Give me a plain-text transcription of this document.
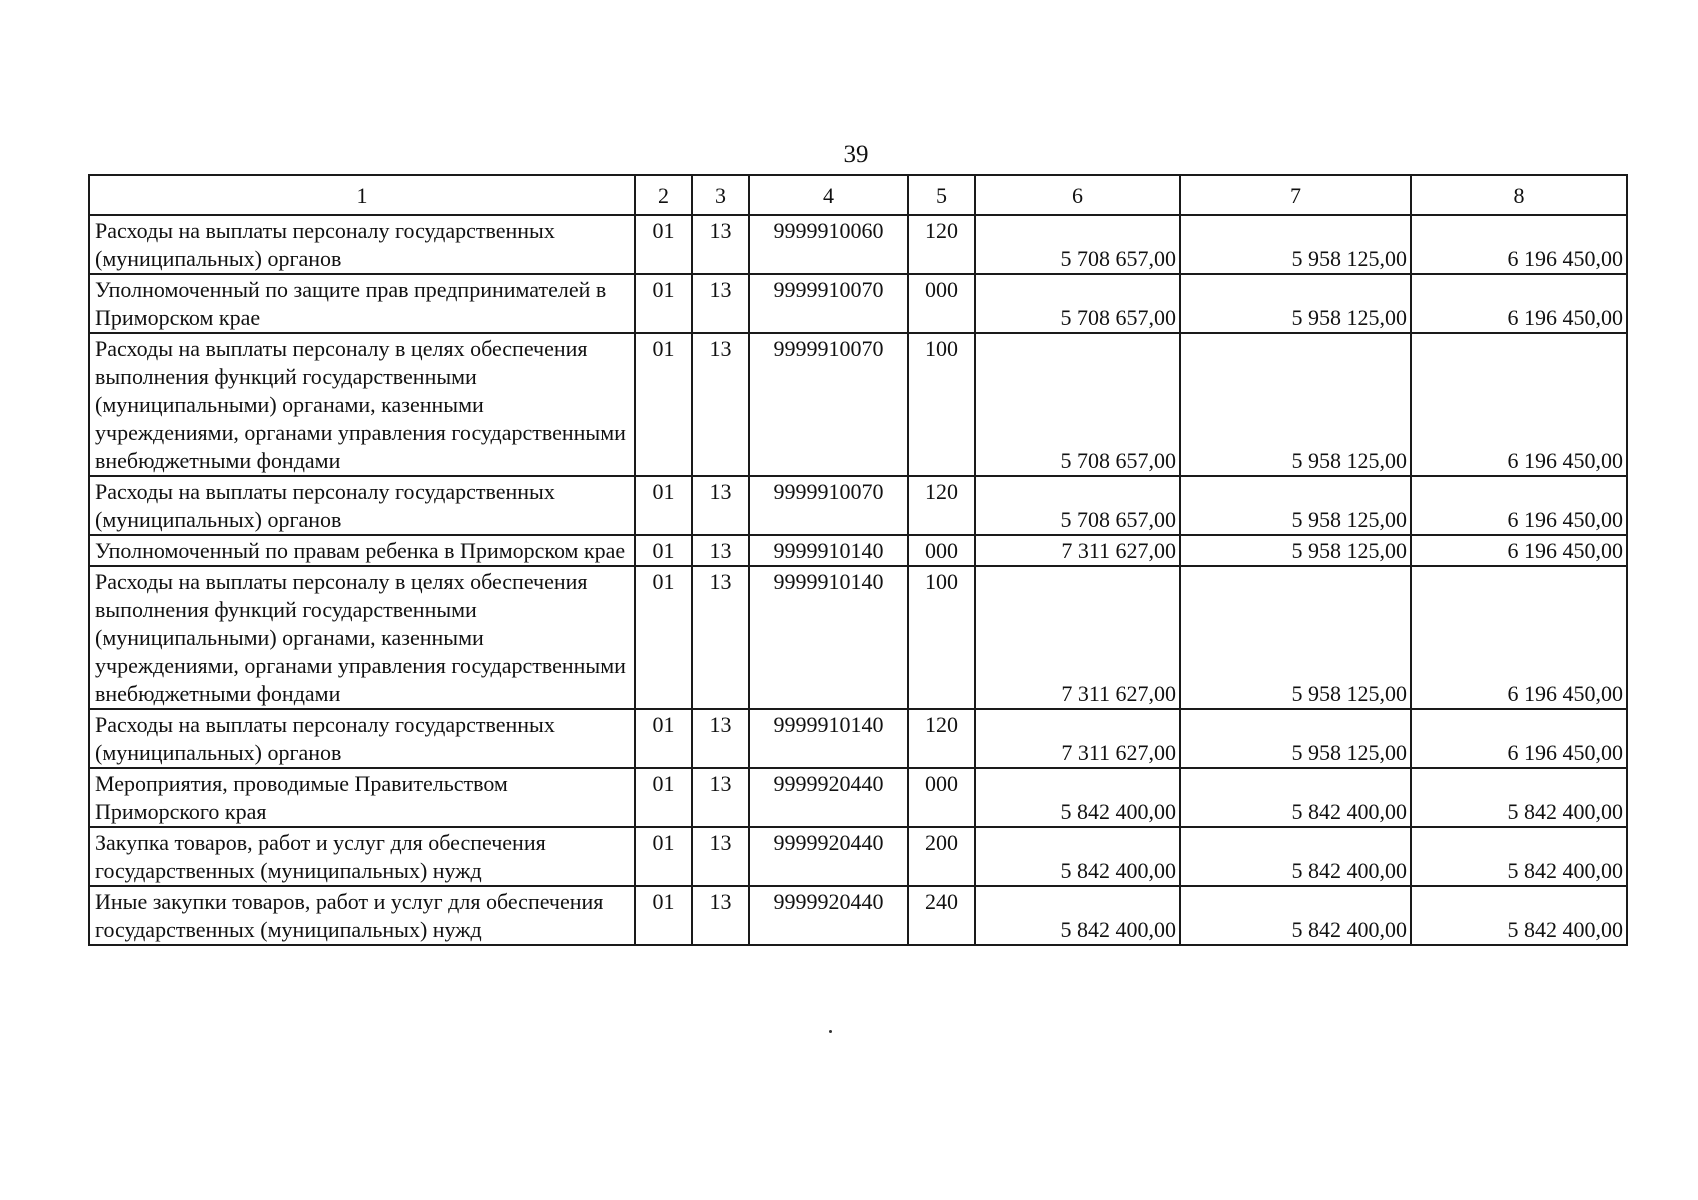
39
1	2	3	4	5	6	7	8
Расходы на выплаты персоналу государственных (муниципальных) органов	01	13	9999910060	120	5 708 657,00	5 958 125,00	6 196 450,00
Уполномоченный по защите прав предпринимателей в Приморском крае	01	13	9999910070	000	5 708 657,00	5 958 125,00	6 196 450,00
Расходы на выплаты персоналу в целях обеспечения выполнения функций государственными (муниципальными) органами, казенными учреждениями, органами управления государственными внебюджетными фондами	01	13	9999910070	100	5 708 657,00	5 958 125,00	6 196 450,00
Расходы на выплаты персоналу государственных (муниципальных) органов	01	13	9999910070	120	5 708 657,00	5 958 125,00	6 196 450,00
Уполномоченный по правам ребенка в Приморском крае	01	13	9999910140	000	7 311 627,00	5 958 125,00	6 196 450,00
Расходы на выплаты персоналу в целях обеспечения выполнения функций государственными (муниципальными) органами, казенными учреждениями, органами управления государственными внебюджетными фондами	01	13	9999910140	100	7 311 627,00	5 958 125,00	6 196 450,00
Расходы на выплаты персоналу государственных (муниципальных) органов	01	13	9999910140	120	7 311 627,00	5 958 125,00	6 196 450,00
Мероприятия, проводимые Правительством Приморского края	01	13	9999920440	000	5 842 400,00	5 842 400,00	5 842 400,00
Закупка товаров, работ и услуг для обеспечения государственных (муниципальных) нужд	01	13	9999920440	200	5 842 400,00	5 842 400,00	5 842 400,00
Иные закупки товаров, работ и услуг для обеспечения государственных (муниципальных) нужд	01	13	9999920440	240	5 842 400,00	5 842 400,00	5 842 400,00
